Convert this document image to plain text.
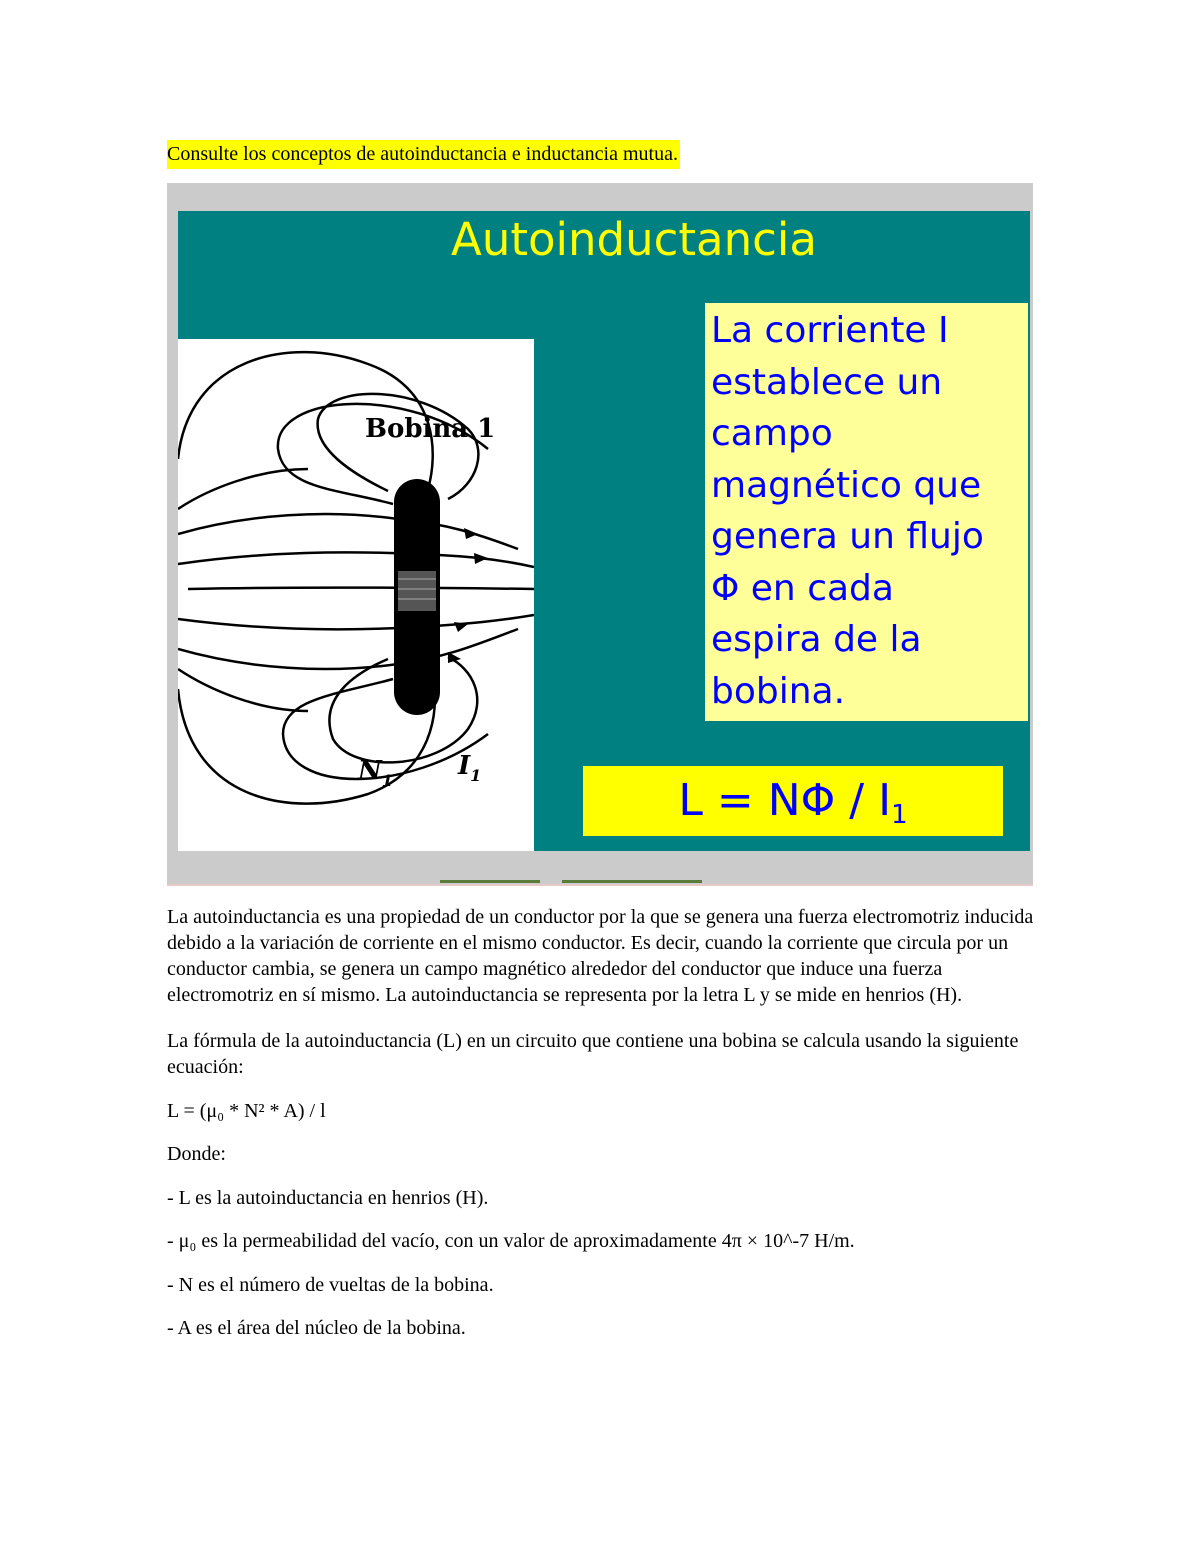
Consulte los conceptos de autoinductancia e inductancia mutua.
Autoinductancia
Bobina 1
$N_1$	$I_1$
La corriente I
establece un
campo
magnético que
genera un flujo
Φ en cada
espira de la
bobina.
$L = N\Phi / I_1$

La autoinductancia es una propiedad de un conductor por la que se genera una fuerza electromotriz inducida debido a la variación de corriente en el mismo conductor. Es decir, cuando la corriente que circula por un conductor cambia, se genera un campo magnético alrededor del conductor que induce una fuerza electromotriz en sí mismo. La autoinductancia se representa por la letra L y se mide en henrios (H).

La fórmula de la autoinductancia (L) en un circuito que contiene una bobina se calcula usando la siguiente ecuación:

L = (μ₀ * N² * A) / l

Donde:

- L es la autoinductancia en henrios (H).

- μ₀ es la permeabilidad del vacío, con un valor de aproximadamente 4π × 10^-7 H/m.

- N es el número de vueltas de la bobina.

- A es el área del núcleo de la bobina.
